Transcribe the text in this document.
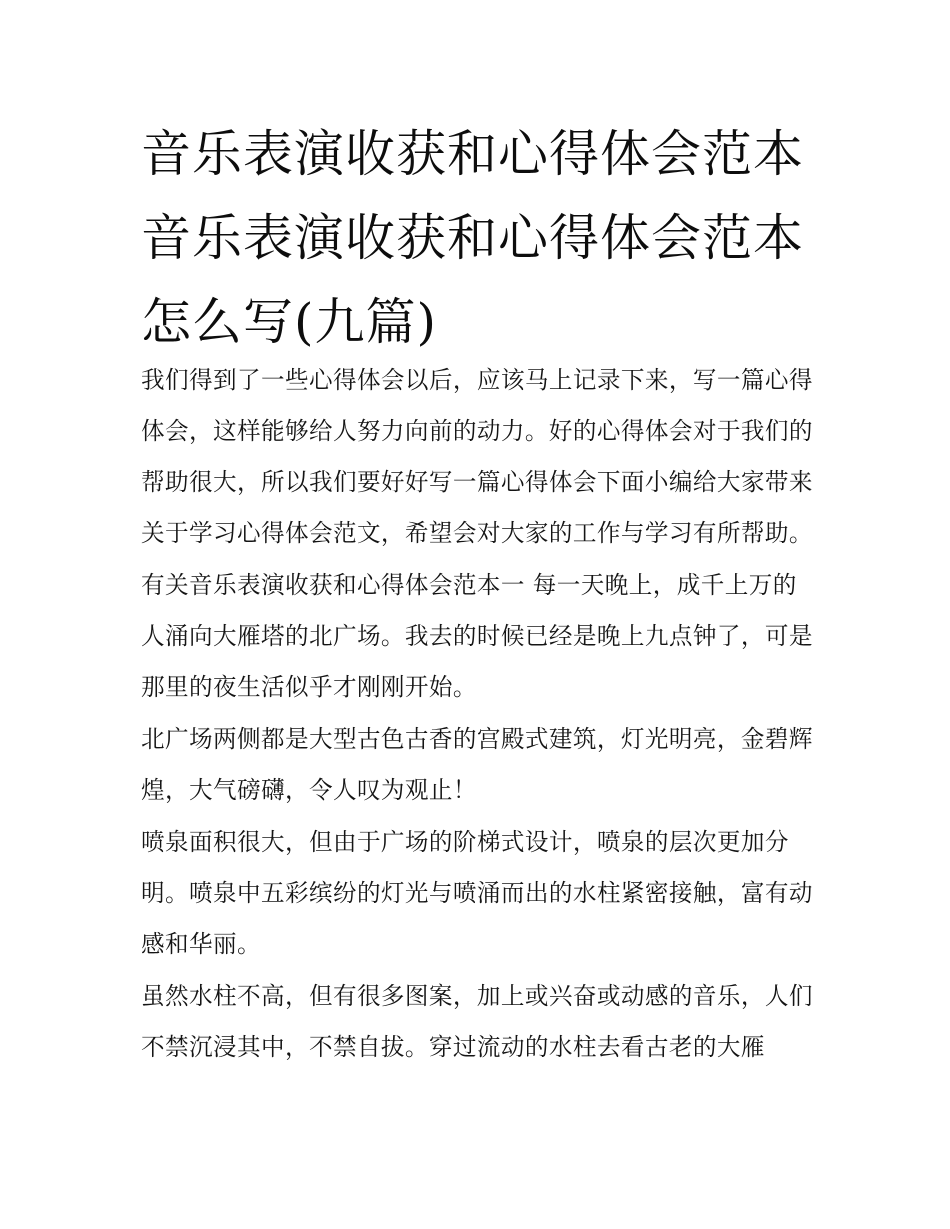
音乐表演收获和心得体会范本音乐表演收获和心得体会范本怎么写(九篇)

我们得到了一些心得体会以后，应该马上记录下来，写一篇心得体会，这样能够给人努力向前的动力。好的心得体会对于我们的帮助很大，所以我们要好好写一篇心得体会下面小编给大家带来关于学习心得体会范文，希望会对大家的工作与学习有所帮助。

有关音乐表演收获和心得体会范本一 每一天晚上，成千上万的人涌向大雁塔的北广场。我去的时候已经是晚上九点钟了，可是那里的夜生活似乎才刚刚开始。

北广场两侧都是大型古色古香的宫殿式建筑，灯光明亮，金碧辉煌，大气磅礴，令人叹为观止！

喷泉面积很大，但由于广场的阶梯式设计，喷泉的层次更加分明。喷泉中五彩缤纷的灯光与喷涌而出的水柱紧密接触，富有动感和华丽。

虽然水柱不高，但有很多图案，加上或兴奋或动感的音乐，人们不禁沉浸其中，不禁自拔。穿过流动的水柱去看古老的大雁
